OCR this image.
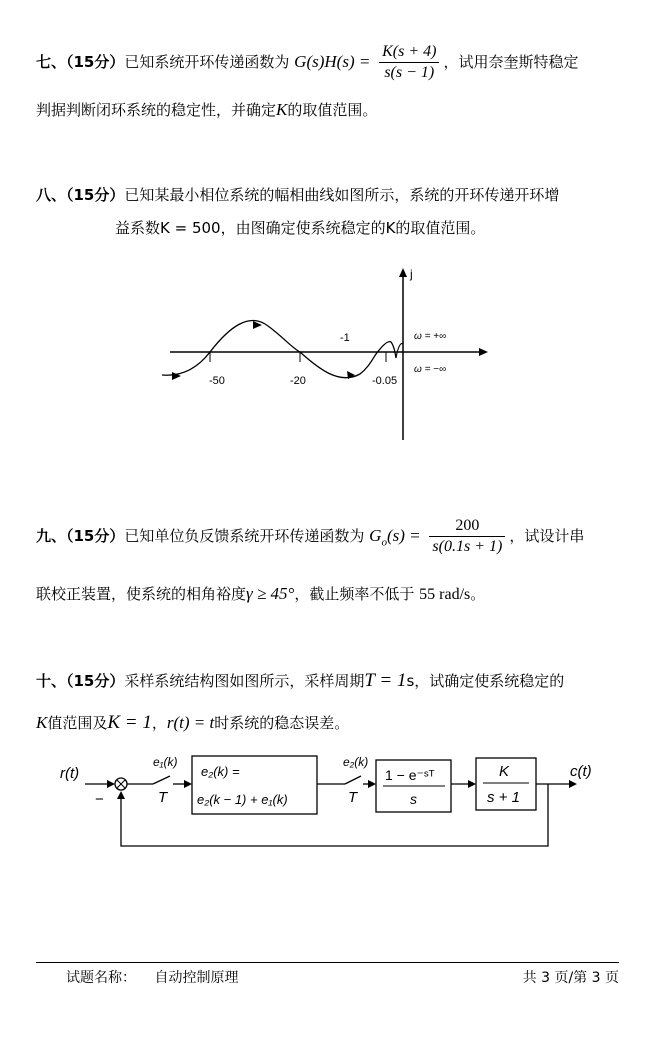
七、（15分）已知系统开环传递函数为 $G(s)H(s) = \frac{K(s + 4)}{s(s - 1)}$ ，试用奈奎斯特稳定
判据判断闭环系统的稳定性，并确定K的取值范围。
八、（15分）已知某最小相位系统的幅相曲线如图所示，系统的开环传递开环增
益系数K = 500，由图确定使系统稳定的K的取值范围。
j
-50	-20	-0.05
-1	ω = +∞
ω = −∞
九、（15分）已知单位负反馈系统开环传递函数为 $G_o(s) = \frac{200}{s(0.1s + 1)}$ ，试设计串
联校正装置，使系统的相角裕度γ ≥ 45°，截止频率不低于 55 rad/s。
十、（15分）采样系统结构图如图所示，采样周期T = 1s，试确定使系统稳定的
K值范围及K = 1，r(t) = t时系统的稳态误差。
r(t)
−
e₁(k)
T
e₂(k) =
e₂(k − 1) + e₁(k)
e₂(k)
T
1 − e⁻ˢᵀ
s
K
s + 1
c(t)
试题名称： 自动控制原理	共 3 页/第 3 页
